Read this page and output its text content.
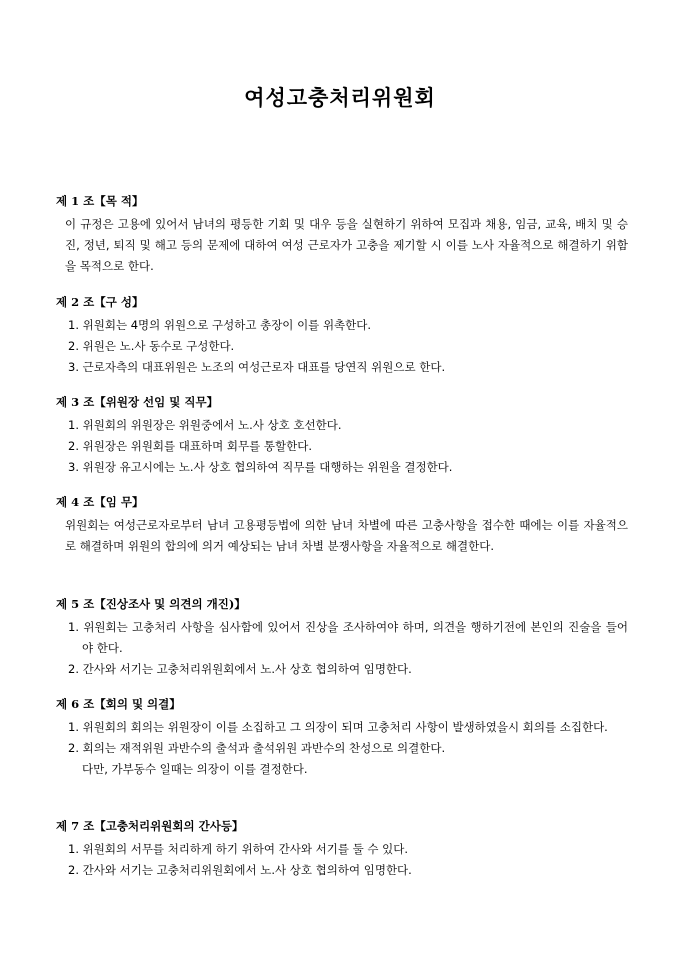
여성고충처리위원회
제 1 조【목 적】

이 규정은 고용에 있어서 남녀의 평등한 기회 및 대우 등을 실현하기 위하여 모집과 채용, 임금, 교육, 배치 및 승진, 정년, 퇴직 및 해고 등의 문제에 대하여 여성 근로자가 고충을 제기할 시 이를 노사 자율적으로 해결하기 위함을 목적으로 한다.

제 2 조【구 성】
1. 위원회는 4명의 위원으로 구성하고 총장이 이를 위촉한다.
2. 위원은 노.사 동수로 구성한다.
3. 근로자측의 대표위원은 노조의 여성근로자 대표를 당연직 위원으로 한다.
제 3 조【위원장 선임 및 직무】
1. 위원회의 위원장은 위원중에서 노.사 상호 호선한다.
2. 위원장은 위원회를 대표하며 회무를 통할한다.
3. 위원장 유고시에는 노.사 상호 협의하여 직무를 대행하는 위원을 결정한다.
제 4 조【임 무】

위원회는 여성근로자로부터 남녀 고용평등법에 의한 남녀 차별에 따른 고충사항을 접수한 때에는 이를 자율적으로 해결하며 위원의 합의에 의거 예상되는 남녀 차별 분쟁사항을 자율적으로 해결한다.

제 5 조【진상조사 및 의견의 개진)】
1. 위원회는 고충처리 사항을 심사함에 있어서 진상을 조사하여야 하며, 의견을 행하기전에 본인의 진술을 들어야 한다.
2. 간사와 서기는 고충처리위원회에서 노.사 상호 협의하여 임명한다.
제 6 조【회의 및 의결】
1. 위원회의 회의는 위원장이 이를 소집하고 그 의장이 되며 고충처리 사항이 발생하였을시 회의를 소집한다.
2. 회의는 재적위원 과반수의 출석과 출석위원 과반수의 찬성으로 의결한다.
다만, 가부동수 일때는 의장이 이를 결정한다.
제 7 조【고충처리위원회의 간사등】
1. 위원회의 서무를 처리하게 하기 위하여 간사와 서기를 둘 수 있다.
2. 간사와 서기는 고충처리위원회에서 노.사 상호 협의하여 임명한다.
